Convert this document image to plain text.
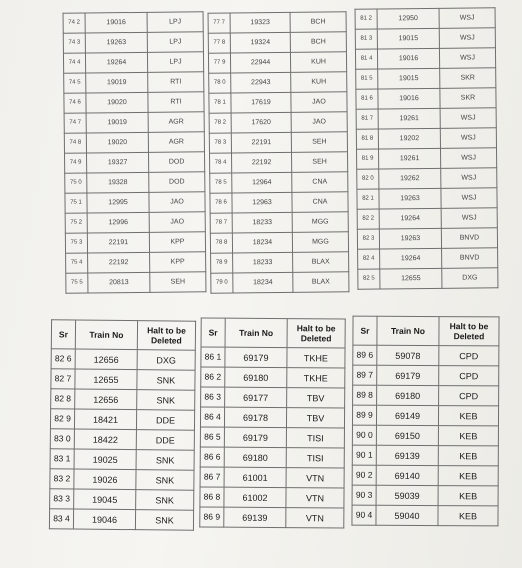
74 2	19016	LPJ
74 3	19263	LPJ
74 4	19264	LPJ
74 5	19019	RTI
74 6	19020	RTI
74 7	19019	AGR
74 8	19020	AGR
74 9	19327	DOD
75 0	19328	DOD
75 1	12995	JAO
75 2	12996	JAO
75 3	22191	KPP
75 4	22192	KPP
75 5	20813	SEH
77 7	19323	BCH
77 8	19324	BCH
77 9	22944	KUH
78 0	22943	KUH
78 1	17619	JAO
78 2	17620	JAO
78 3	22191	SEH
78 4	22192	SEH
78 5	12964	CNA
78 6	12963	CNA
78 7	18233	MGG
78 8	18234	MGG
78 9	18233	BLAX
79 0	18234	BLAX
81 2	12950	WSJ
81 3	19015	WSJ
81 4	19016	WSJ
81 5	19015	SKR
81 6	19016	SKR
81 7	19261	WSJ
81 8	19202	WSJ
81 9	19261	WSJ
82 0	19262	WSJ
82 1	19263	WSJ
82 2	19264	WSJ
82 3	19263	BNVD
82 4	19264	BNVD
82 5	12655	DXG
Sr	Train No	Halt to be Deleted
82 6	12656	DXG
82 7	12655	SNK
82 8	12656	SNK
82 9	18421	DDE
83 0	18422	DDE
83 1	19025	SNK
83 2	19026	SNK
83 3	19045	SNK
83 4	19046	SNK
Sr	Train No	Halt to be Deleted
86 1	69179	TKHE
86 2	69180	TKHE
86 3	69177	TBV
86 4	69178	TBV
86 5	69179	TISI
86 6	69180	TISI
86 7	61001	VTN
86 8	61002	VTN
86 9	69139	VTN
Sr	Train No	Halt to be Deleted
89 6	59078	CPD
89 7	69179	CPD
89 8	69180	CPD
89 9	69149	KEB
90 0	69150	KEB
90 1	69139	KEB
90 2	69140	KEB
90 3	59039	KEB
90 4	59040	KEB
